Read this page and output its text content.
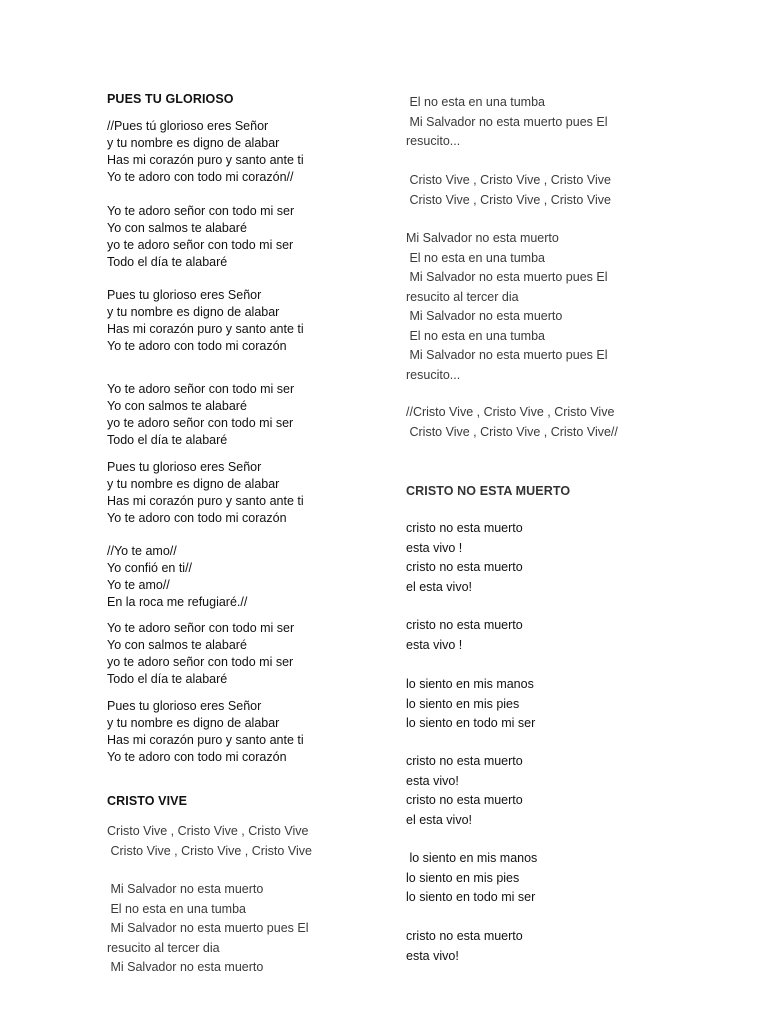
PUES TU GLORIOSO
//Pues tú glorioso eres Señor
y tu nombre es digno de alabar
Has mi corazón puro y santo ante ti
Yo te adoro con todo mi corazón//
Yo te adoro señor con todo mi ser
Yo con salmos te alabaré
yo te adoro señor con todo mi ser
Todo el día te alabaré
Pues tu glorioso eres Señor
y tu nombre es digno de alabar
Has mi corazón puro y santo ante ti
Yo te adoro con todo mi corazón
Yo te adoro señor con todo mi ser
Yo con salmos te alabaré
yo te adoro señor con todo mi ser
Todo el día te alabaré
Pues tu glorioso eres Señor
y tu nombre es digno de alabar
Has mi corazón puro y santo ante ti
Yo te adoro con todo mi corazón
//Yo te amo//
Yo confió en ti//
Yo te amo//
En la roca me refugiaré.//
Yo te adoro señor con todo mi ser
Yo con salmos te alabaré
yo te adoro señor con todo mi ser
Todo el día te alabaré
Pues tu glorioso eres Señor
y tu nombre es digno de alabar
Has mi corazón puro y santo ante ti
Yo te adoro con todo mi corazón
CRISTO VIVE
Cristo Vive , Cristo Vive , Cristo Vive
Cristo Vive , Cristo Vive , Cristo Vive
Mi Salvador no esta muerto
El no esta en una tumba
Mi Salvador no esta muerto pues El
resucito al tercer dia
Mi Salvador no esta muerto
El no esta en una tumba
Mi Salvador no esta muerto pues El
resucito...
Cristo Vive , Cristo Vive , Cristo Vive
Cristo Vive , Cristo Vive , Cristo Vive
Mi Salvador no esta muerto
El no esta en una tumba
Mi Salvador no esta muerto pues El
resucito al tercer dia
Mi Salvador no esta muerto
El no esta en una tumba
Mi Salvador no esta muerto pues El
resucito...
//Cristo Vive , Cristo Vive , Cristo Vive
Cristo Vive , Cristo Vive , Cristo Vive//
CRISTO NO ESTA MUERTO
cristo no esta muerto
esta vivo !
cristo no esta muerto
el esta vivo!
cristo no esta muerto
esta vivo !
lo siento en mis manos
lo siento en mis pies
lo siento en todo mi ser
cristo no esta muerto
esta vivo!
cristo no esta muerto
el esta vivo!
lo siento en mis manos
lo siento en mis pies
lo siento en todo mi ser
cristo no esta muerto
esta vivo!
